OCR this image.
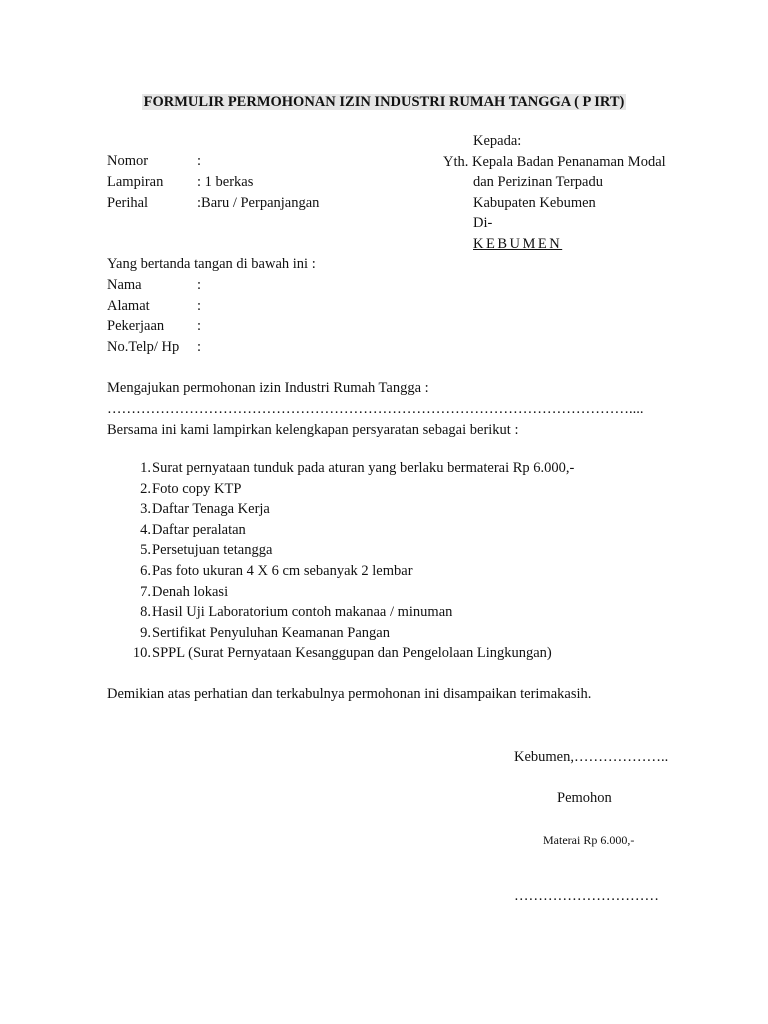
FORMULIR PERMOHONAN IZIN INDUSTRI RUMAH TANGGA ( P IRT)
Nomor	:
Lampiran : 1 berkas
Perihal	:Baru / Perpanjangan
Kepada:
Yth. Kepala Badan Penanaman Modal
dan Perizinan Terpadu
Kabupaten Kebumen
Di-
KEBUMEN
Yang bertanda tangan di bawah ini :
Nama	:
Alamat	:
Pekerjaan :
No.Telp/ Hp :
Mengajukan permohonan izin Industri Rumah Tangga :
………………………………………………………………………………………………....
Bersama ini kami lampirkan kelengkapan persyaratan sebagai berikut :
1.Surat pernyataan tunduk pada aturan yang berlaku bermaterai Rp 6.000,-
2.Foto copy KTP
3.Daftar Tenaga Kerja
4.Daftar peralatan
5.Persetujuan tetangga
6.Pas foto ukuran 4 X 6 cm sebanyak 2 lembar
7.Denah lokasi
8.Hasil Uji Laboratorium contoh makanaa / minuman
9.Sertifikat Penyuluhan Keamanan Pangan
10.SPPL (Surat Pernyataan Kesanggupan dan Pengelolaan Lingkungan)
Demikian atas perhatian dan terkabulnya permohonan ini disampaikan terimakasih.
Kebumen,………………..
Pemohon
Materai Rp 6.000,-
…………………………
